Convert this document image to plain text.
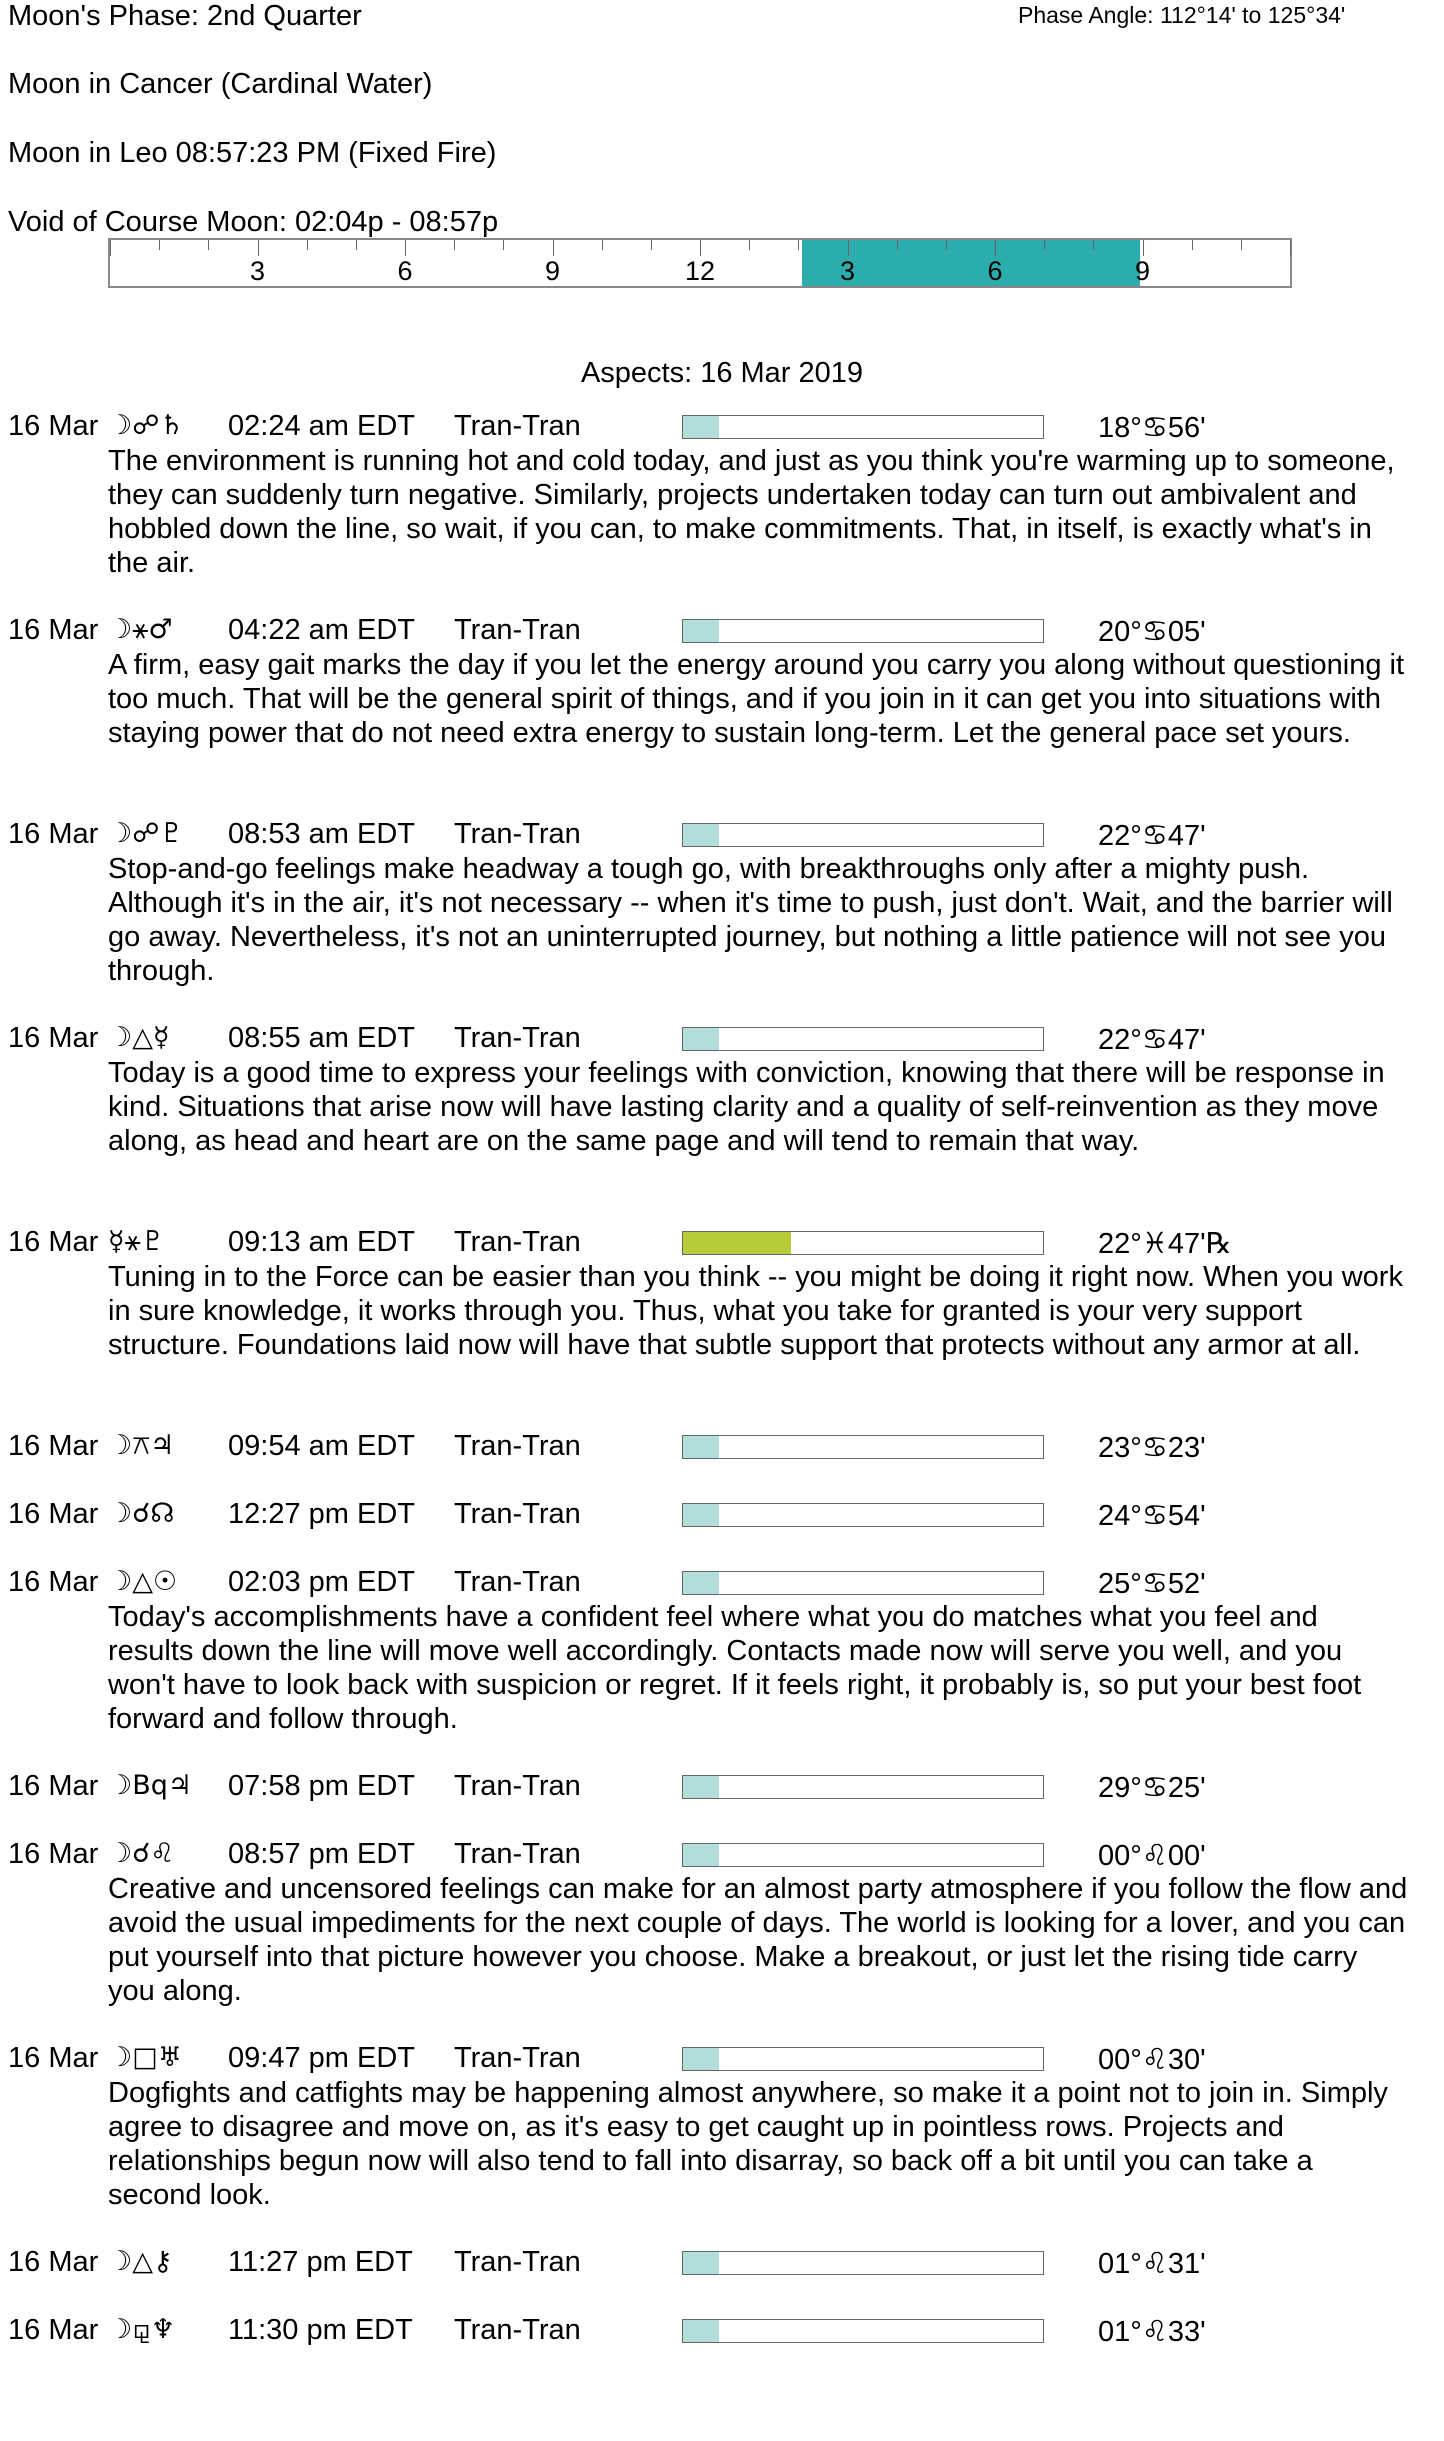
Moon's Phase: 2nd Quarter	Phase Angle: 112°14' to 125°34'
Moon in Cancer (Cardinal Water)
Moon in Leo 08:57:23 PM (Fixed Fire)
Void of Course Moon: 02:04p - 08:57p
3	6	9	12	3	6	9
Aspects: 16 Mar 2019
16 Mar ☽☍♄ 02:24 am EDT Tran-Tran	18°♋56'
The environment is running hot and cold today, and just as you think you're warming up to someone, they can suddenly turn negative. Similarly, projects undertaken today can turn out ambivalent and hobbled down the line, so wait, if you can, to make commitments. That, in itself, is exactly what's in the air.
16 Mar ☽⚹♂ 04:22 am EDT Tran-Tran	20°♋05'
A firm, easy gait marks the day if you let the energy around you carry you along without questioning it too much. That will be the general spirit of things, and if you join in it can get you into situations with staying power that do not need extra energy to sustain long-term. Let the general pace set yours.
16 Mar ☽☍♇ 08:53 am EDT Tran-Tran	22°♋47'
Stop-and-go feelings make headway a tough go, with breakthroughs only after a mighty push. Although it's in the air, it's not necessary -- when it's time to push, just don't. Wait, and the barrier will go away. Nevertheless, it's not an uninterrupted journey, but nothing a little patience will not see you through.
16 Mar ☽△☿ 08:55 am EDT Tran-Tran	22°♋47'
Today is a good time to express your feelings with conviction, knowing that there will be response in kind. Situations that arise now will have lasting clarity and a quality of self-reinvention as they move along, as head and heart are on the same page and will tend to remain that way.
16 Mar ☿⚹♇ 09:13 am EDT Tran-Tran	22°♓47'℞
Tuning in to the Force can be easier than you think -- you might be doing it right now. When you work in sure knowledge, it works through you. Thus, what you take for granted is your very support structure. Foundations laid now will have that subtle support that protects without any armor at all.
16 Mar ☽⚻♃ 09:54 am EDT Tran-Tran	23°♋23'
16 Mar ☽☌☊ 12:27 pm EDT Tran-Tran	24°♋54'
16 Mar ☽△☉ 02:03 pm EDT Tran-Tran	25°♋52'
Today's accomplishments have a confident feel where what you do matches what you feel and results down the line will move well accordingly. Contacts made now will serve you well, and you won't have to look back with suspicion or regret. If it feels right, it probably is, so put your best foot forward and follow through.
16 Mar ☽Bq♃ 07:58 pm EDT Tran-Tran	29°♋25'
16 Mar ☽☌♌ 08:57 pm EDT Tran-Tran	00°♌00'
Creative and uncensored feelings can make for an almost party atmosphere if you follow the flow and avoid the usual impediments for the next couple of days. The world is looking for a lover, and you can put yourself into that picture however you choose. Make a breakout, or just let the rising tide carry you along.
16 Mar ☽□♅ 09:47 pm EDT Tran-Tran	00°♌30'
Dogfights and catfights may be happening almost anywhere, so make it a point not to join in. Simply agree to disagree and move on, as it's easy to get caught up in pointless rows. Projects and relationships begun now will also tend to fall into disarray, so back off a bit until you can take a second look.
16 Mar ☽△⚷ 11:27 pm EDT Tran-Tran	01°♌31'
16 Mar ☽⚼♆ 11:30 pm EDT Tran-Tran	01°♌33'
